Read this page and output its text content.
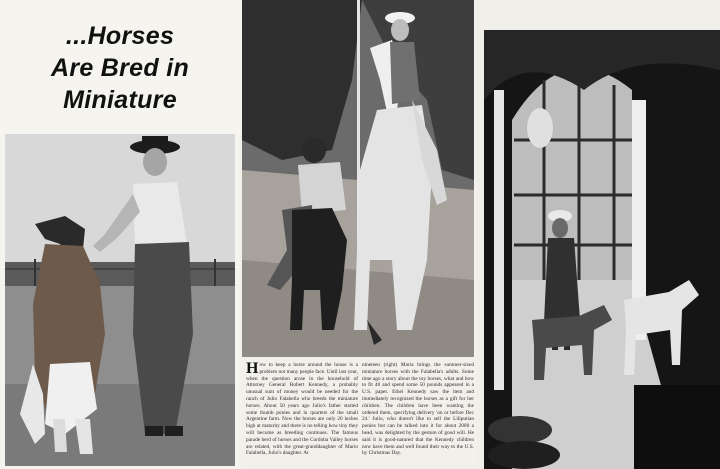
...Horses
Are Bred in
Miniature
How to keep a horse around the house is a problem not many people face. Until last year, when the question arose in the household of Attorney General Robert Kennedy, a probably unusual sum of money would be needed for the ranch of Julio Falabella who breeds the miniature horses. About 50 years ago Julio's father started some thumb ponies and in quarters of the small Argentine farm. Now the horses are only 20 inches high at maturity and there is no telling how tiny they will become as breeding continues. The famous parade herd of horses and the Cordoba Valley horses are related, with the great-granddaughter of Mario Falabella, Julio's daughter. At
nineteen (right) Maria brings the summer-sized miniature horses with the Falabella's adults. Some time ago a story about the toy horses, what and how to fit 40 and spend some 50 pounds appeared in a U.S. paper. Ethel Kennedy saw the item and immediately recognized the horses as a gift for her children. The children have been wanting the ordered them, specifying delivery 'on or before Dec 24.' Julio, who doesn't like to sell the Liliputian ponies but can be talked into it for about 2000 a head, was delighted by the gesture of good will. He said it is good-natured that the Kennedy children now have them and well found their way to the U.S. by Christmas Day.
